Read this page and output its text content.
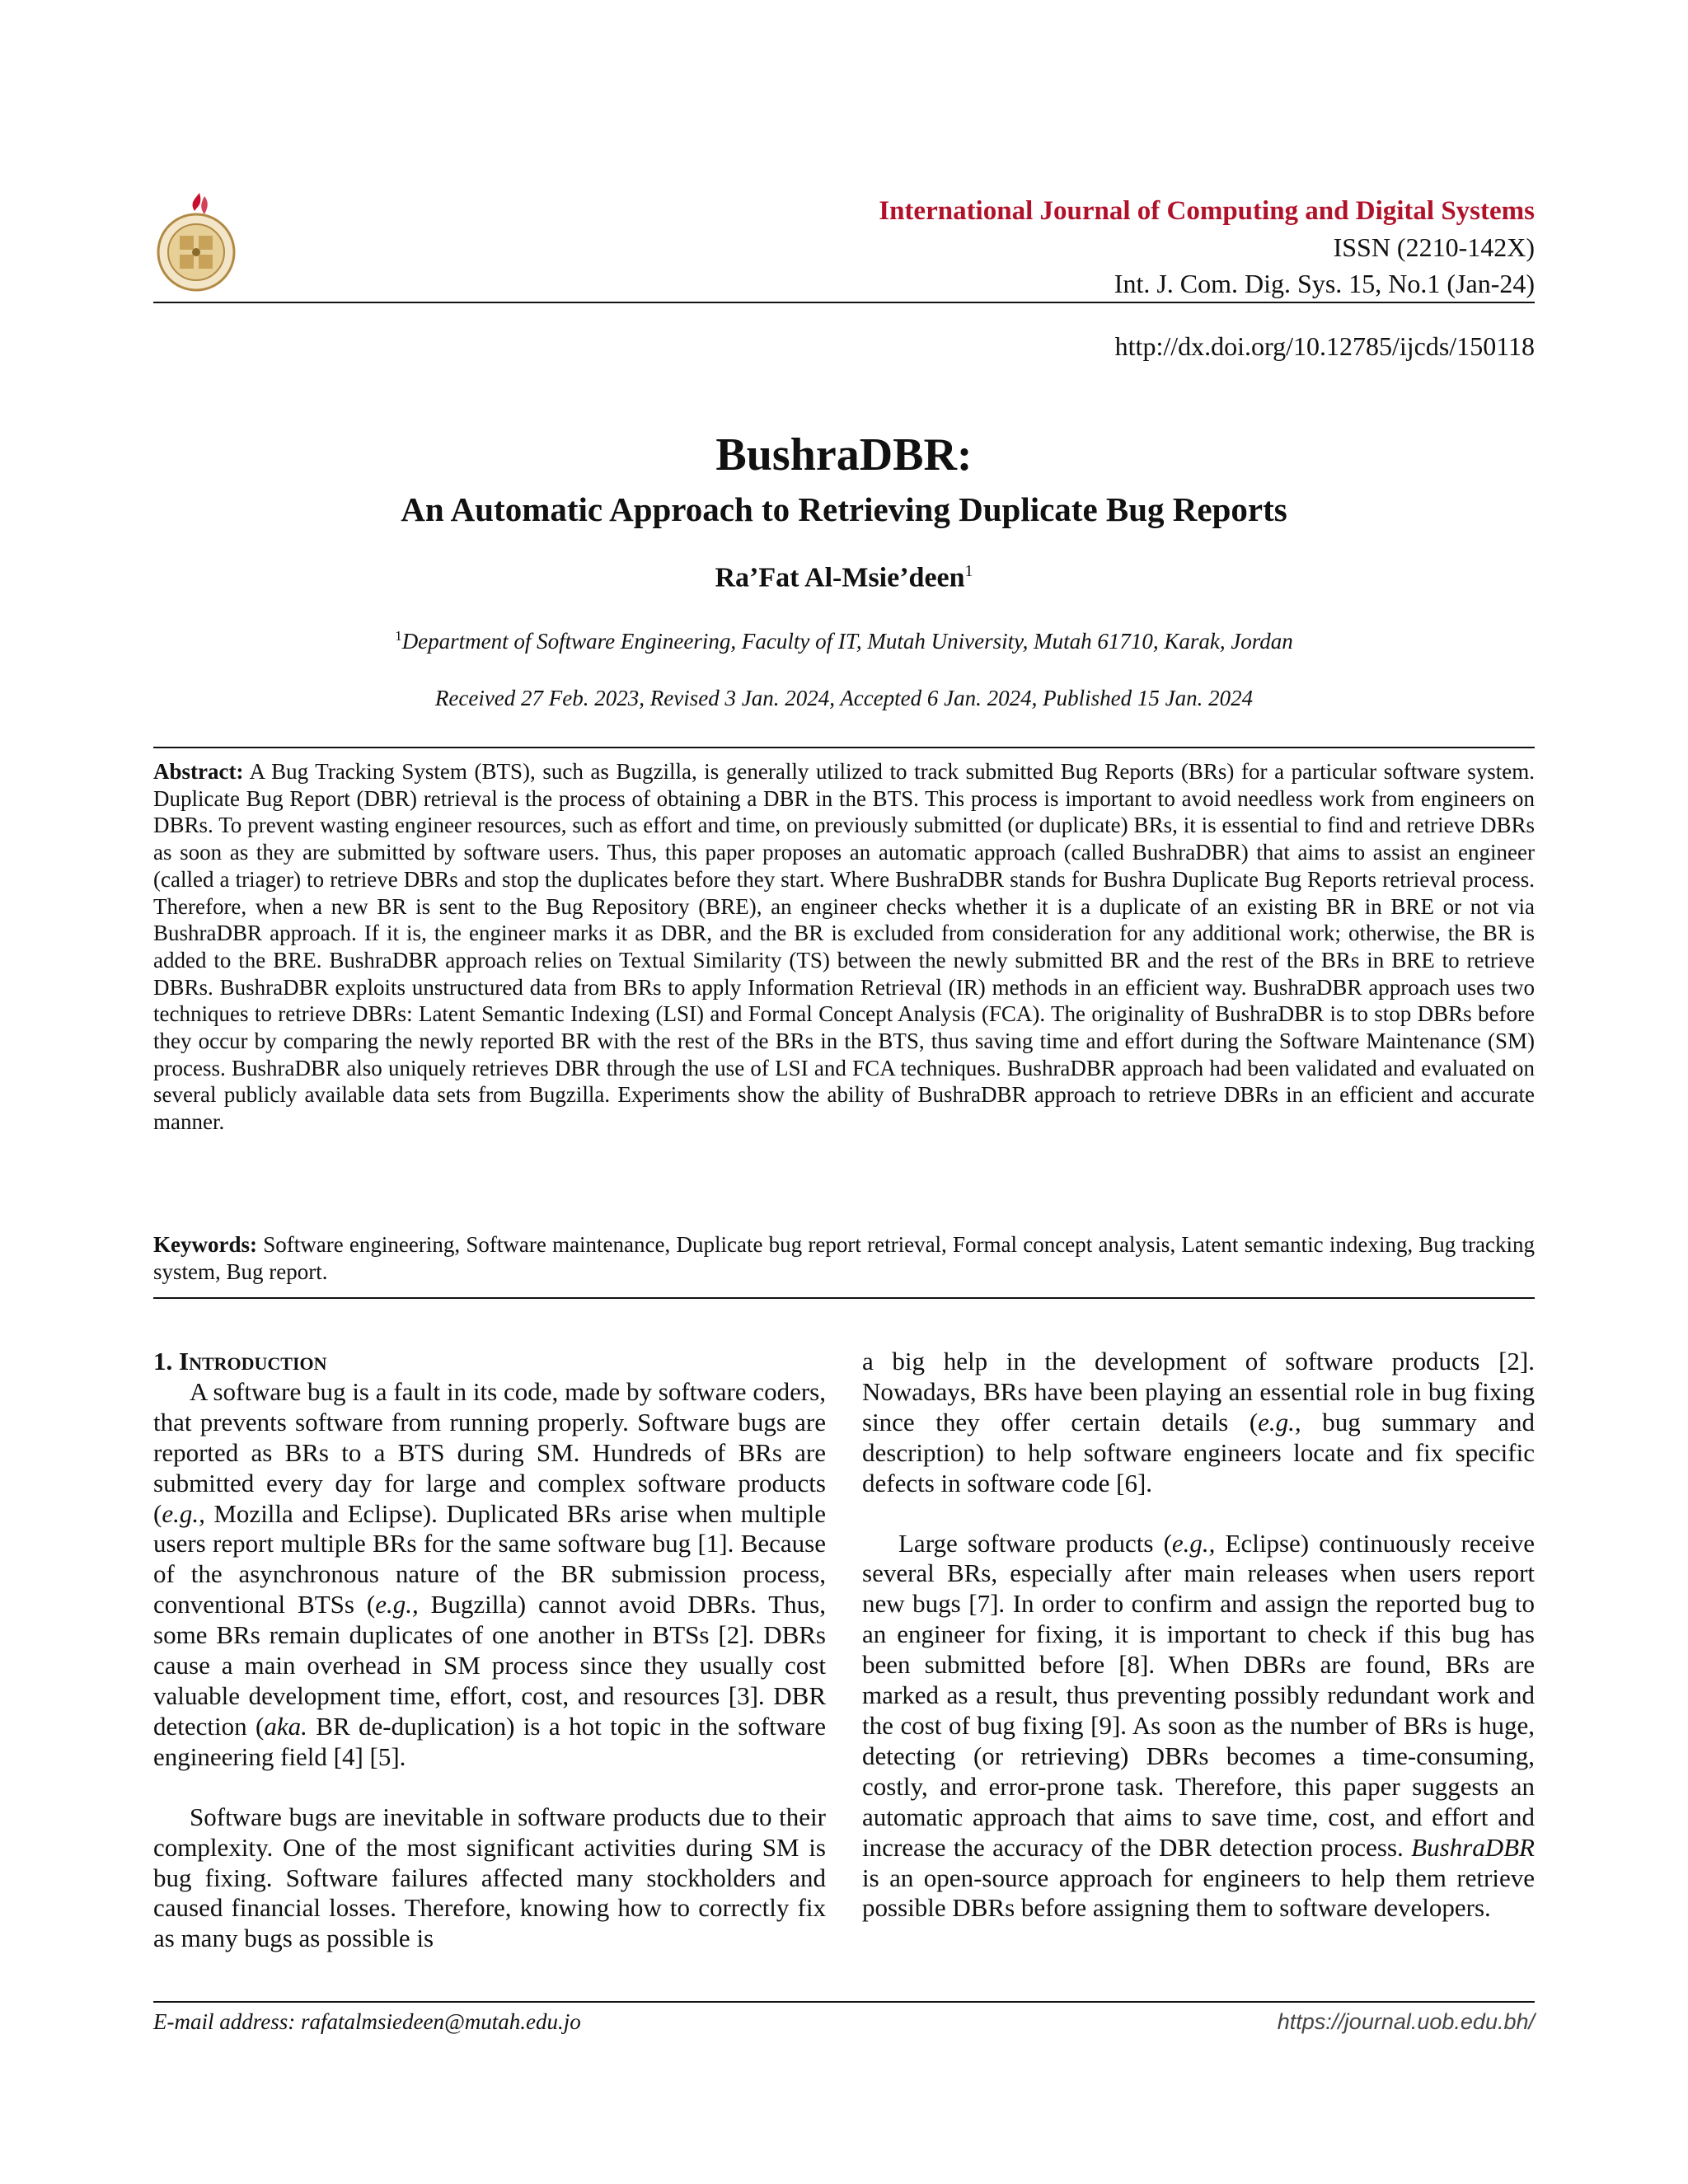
International Journal of Computing and Digital Systems
ISSN (2210-142X)
Int. J. Com. Dig. Sys. 15, No.1 (Jan-24)
http://dx.doi.org/10.12785/ijcds/150118
BushraDBR:
An Automatic Approach to Retrieving Duplicate Bug Reports
Ra’Fat Al-Msie’deen$^1$
$^1$Department of Software Engineering, Faculty of IT, Mutah University, Mutah 61710, Karak, Jordan
Received 27 Feb. 2023, Revised 3 Jan. 2024, Accepted 6 Jan. 2024, Published 15 Jan. 2024
Abstract: A Bug Tracking System (BTS), such as Bugzilla, is generally utilized to track submitted Bug Reports (BRs) for a particular software system. Duplicate Bug Report (DBR) retrieval is the process of obtaining a DBR in the BTS. This process is important to avoid needless work from engineers on DBRs. To prevent wasting engineer resources, such as effort and time, on previously submitted (or duplicate) BRs, it is essential to find and retrieve DBRs as soon as they are submitted by software users. Thus, this paper proposes an automatic approach (called BushraDBR) that aims to assist an engineer (called a triager) to retrieve DBRs and stop the duplicates before they start. Where BushraDBR stands for Bushra Duplicate Bug Reports retrieval process. Therefore, when a new BR is sent to the Bug Repository (BRE), an engineer checks whether it is a duplicate of an existing BR in BRE or not via BushraDBR approach. If it is, the engineer marks it as DBR, and the BR is excluded from consideration for any additional work; otherwise, the BR is added to the BRE. BushraDBR approach relies on Textual Similarity (TS) between the newly submitted BR and the rest of the BRs in BRE to retrieve DBRs. BushraDBR exploits unstructured data from BRs to apply Information Retrieval (IR) methods in an efficient way. BushraDBR approach uses two techniques to retrieve DBRs: Latent Semantic Indexing (LSI) and Formal Concept Analysis (FCA). The originality of BushraDBR is to stop DBRs before they occur by comparing the newly reported BR with the rest of the BRs in the BTS, thus saving time and effort during the Software Maintenance (SM) process. BushraDBR also uniquely retrieves DBR through the use of LSI and FCA techniques. BushraDBR approach had been validated and evaluated on several publicly available data sets from Bugzilla. Experiments show the ability of BushraDBR approach to retrieve DBRs in an efficient and accurate manner.
Keywords: Software engineering, Software maintenance, Duplicate bug report retrieval, Formal concept analysis, Latent semantic indexing, Bug tracking system, Bug report.
1. Introduction

A software bug is a fault in its code, made by software coders, that prevents software from running properly. Software bugs are reported as BRs to a BTS during SM. Hundreds of BRs are submitted every day for large and complex software products (e.g., Mozilla and Eclipse). Duplicated BRs arise when multiple users report multiple BRs for the same software bug [1]. Because of the asynchronous nature of the BR submission process, conventional BTSs (e.g., Bugzilla) cannot avoid DBRs. Thus, some BRs remain duplicates of one another in BTSs [2]. DBRs cause a main overhead in SM process since they usually cost valuable development time, effort, cost, and resources [3]. DBR detection (aka. BR de-duplication) is a hot topic in the software engineering field [4] [5].

Software bugs are inevitable in software products due to their complexity. One of the most significant activities during SM is bug fixing. Software failures affected many stockholders and caused financial losses. Therefore, knowing how to correctly fix as many bugs as possible is

a big help in the development of software products [2]. Nowadays, BRs have been playing an essential role in bug fixing since they offer certain details (e.g., bug summary and description) to help software engineers locate and fix specific defects in software code [6].

Large software products (e.g., Eclipse) continuously receive several BRs, especially after main releases when users report new bugs [7]. In order to confirm and assign the reported bug to an engineer for fixing, it is important to check if this bug has been submitted before [8]. When DBRs are found, BRs are marked as a result, thus preventing possibly redundant work and the cost of bug fixing [9]. As soon as the number of BRs is huge, detecting (or retrieving) DBRs becomes a time-consuming, costly, and error-prone task. Therefore, this paper suggests an automatic approach that aims to save time, cost, and effort and increase the accuracy of the DBR detection process. BushraDBR is an open-source approach for engineers to help them retrieve possible DBRs before assigning them to software developers.

E-mail address: rafatalmsiedeen@mutah.edu.jo	https://journal.uob.edu.bh/
